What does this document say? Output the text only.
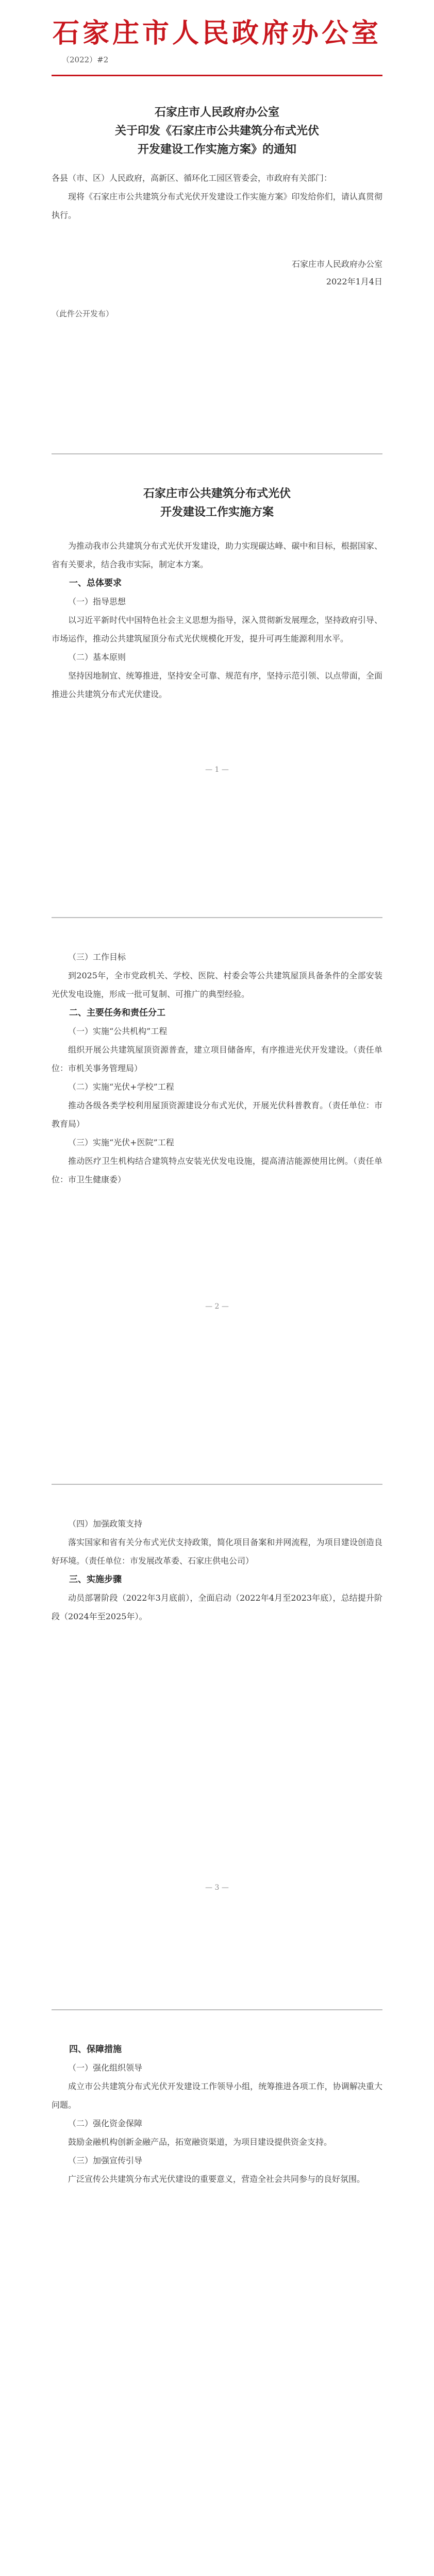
石家庄市人民政府办公室
（2022）#2
石家庄市人民政府办公室
关于印发《石家庄市公共建筑分布式光伏
开发建设工作实施方案》的通知

各县（市、区）人民政府，高新区、循环化工园区管委会，市政府有关部门：

现将《石家庄市公共建筑分布式光伏开发建设工作实施方案》印发给你们，请认真贯彻执行。

石家庄市人民政府办公室
2022年1月4日
（此件公开发布）
石家庄市公共建筑分布式光伏
开发建设工作实施方案

为推动我市公共建筑分布式光伏开发建设，助力实现碳达峰、碳中和目标，根据国家、省有关要求，结合我市实际，制定本方案。

一、总体要求
（一）指导思想

以习近平新时代中国特色社会主义思想为指导，深入贯彻新发展理念，坚持政府引导、市场运作，推动公共建筑屋顶分布式光伏规模化开发，提升可再生能源利用水平。

（二）基本原则

坚持因地制宜、统筹推进，坚持安全可靠、规范有序，坚持示范引领、以点带面，全面推进公共建筑分布式光伏建设。

— 1 —
（三）工作目标

到2025年，全市党政机关、学校、医院、村委会等公共建筑屋顶具备条件的全部安装光伏发电设施，形成一批可复制、可推广的典型经验。

二、主要任务和责任分工
（一）实施“公共机构”工程

组织开展公共建筑屋顶资源普查，建立项目储备库，有序推进光伏开发建设。（责任单位：市机关事务管理局）

（二）实施“光伏+学校”工程

推动各级各类学校利用屋顶资源建设分布式光伏，开展光伏科普教育。（责任单位：市教育局）

（三）实施“光伏+医院”工程

推动医疗卫生机构结合建筑特点安装光伏发电设施，提高清洁能源使用比例。（责任单位：市卫生健康委）

— 2 —
（四）加强政策支持

落实国家和省有关分布式光伏支持政策，简化项目备案和并网流程，为项目建设创造良好环境。（责任单位：市发展改革委、石家庄供电公司）

三、实施步骤

动员部署阶段（2022年3月底前），全面启动（2022年4月至2023年底），总结提升阶段（2024年至2025年）。

— 3 —
四、保障措施
（一）强化组织领导

成立市公共建筑分布式光伏开发建设工作领导小组，统筹推进各项工作，协调解决重大问题。

（二）强化资金保障

鼓励金融机构创新金融产品，拓宽融资渠道，为项目建设提供资金支持。

（三）加强宣传引导

广泛宣传公共建筑分布式光伏建设的重要意义，营造全社会共同参与的良好氛围。
